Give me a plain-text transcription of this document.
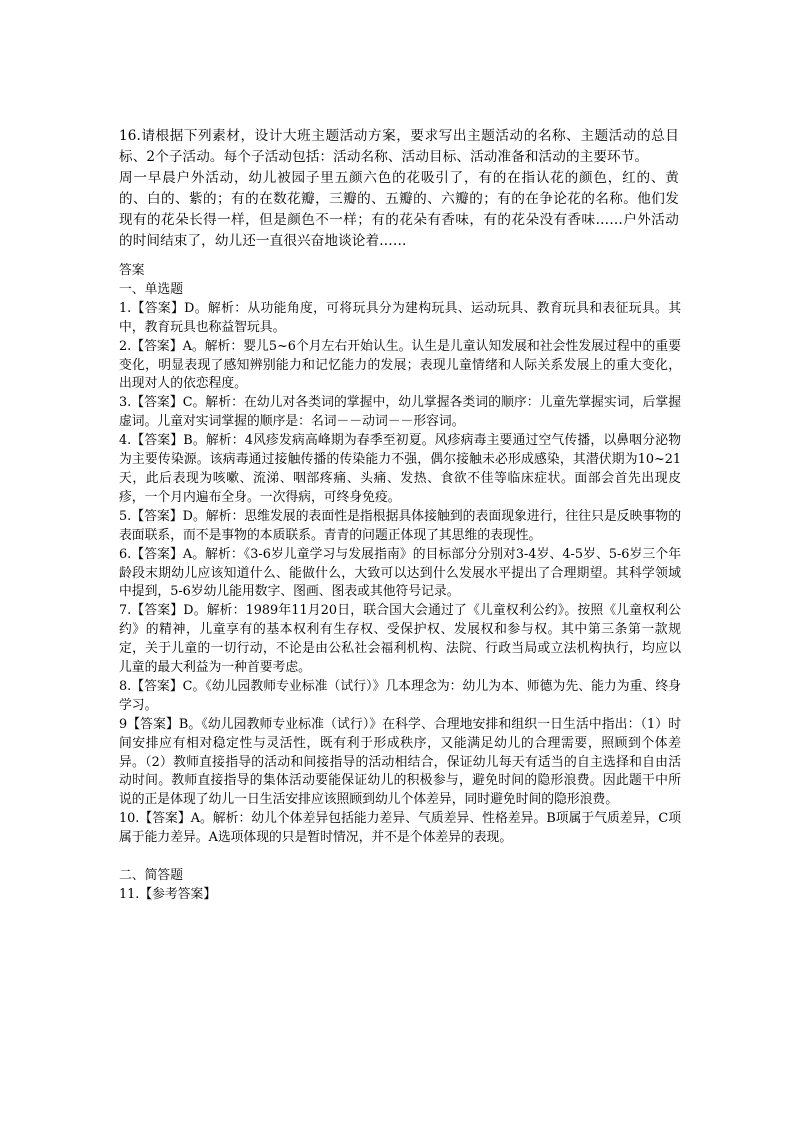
16.请根据下列素材，设计大班主题活动方案，要求写出主题活动的名称、主题活动的总目标、2个子活动。每个子活动包括：活动名称、活动目标、活动准备和活动的主要环节。

周一早晨户外活动，幼儿被园子里五颜六色的花吸引了，有的在指认花的颜色，红的、黄的、白的、紫的；有的在数花瓣，三瓣的、五瓣的、六瓣的；有的在争论花的名称。他们发现有的花朵长得一样，但是颜色不一样；有的花朵有香味，有的花朵没有香味……户外活动的时间结束了，幼儿还一直很兴奋地谈论着……

答案

一、单选题

1.【答案】D。解析：从功能角度，可将玩具分为建构玩具、运动玩具、教育玩具和表征玩具。其中，教育玩具也称益智玩具。

2.【答案】A。解析：婴儿5~6个月左右开始认生。认生是儿童认知发展和社会性发展过程中的重要变化，明显表现了感知辨别能力和记忆能力的发展；表现儿童情绪和人际关系发展上的重大变化，出现对人的依恋程度。

3.【答案】C。解析：在幼儿对各类词的掌握中，幼儿掌握各类词的顺序：儿童先掌握实词，后掌握虚词。儿童对实词掌握的顺序是：名词－－动词－－形容词。

4.【答案】B。解析：4风疹发病高峰期为春季至初夏。风疹病毒主要通过空气传播，以鼻咽分泌物为主要传染源。该病毒通过接触传播的传染能力不强，偶尔接触未必形成感染，其潜伏期为10~21天，此后表现为咳嗽、流涕、咽部疼痛、头痛、发热、食欲不佳等临床症状。面部会首先出现皮疹，一个月内遍布全身。一次得病，可终身免疫。

5.【答案】D。解析：思维发展的表面性是指根据具体接触到的表面现象进行，往往只是反映事物的表面联系，而不是事物的本质联系。青青的问题正体现了其思维的表现性。

6.【答案】A。解析：《3-6岁儿童学习与发展指南》的目标部分分别对3-4岁、4-5岁、5-6岁三个年龄段末期幼儿应该知道什么、能做什么，大致可以达到什么发展水平提出了合理期望。其科学领域中提到，5-6岁幼儿能用数字、图画、图表或其他符号记录。

7.【答案】D。解析：1989年11月20日，联合国大会通过了《儿童权利公约》。按照《儿童权利公约》的精神，儿童享有的基本权利有生存权、受保护权、发展权和参与权。其中第三条第一款规定，关于儿童的一切行动，不论是由公私社会福利机构、法院、行政当局或立法机构执行，均应以儿童的最大利益为一种首要考虑。

8.【答案】C。《幼儿园教师专业标准（试行）》几本理念为：幼儿为本、师德为先、能力为重、终身学习。

9【答案】B。《幼儿园教师专业标准（试行）》在科学、合理地安排和组织一日生活中指出：（1）时间安排应有相对稳定性与灵活性，既有利于形成秩序，又能满足幼儿的合理需要，照顾到个体差异。（2）教师直接指导的活动和间接指导的活动相结合，保证幼儿每天有适当的自主选择和自由活动时间。教师直接指导的集体活动要能保证幼儿的积极参与，避免时间的隐形浪费。因此题干中所说的正是体现了幼儿一日生活安排应该照顾到幼儿个体差异，同时避免时间的隐形浪费。

10.【答案】A。解析：幼儿个体差异包括能力差异、气质差异、性格差异。B项属于气质差异，C项属于能力差异。A选项体现的只是暂时情况，并不是个体差异的表现。

二、简答题

11.【参考答案】
